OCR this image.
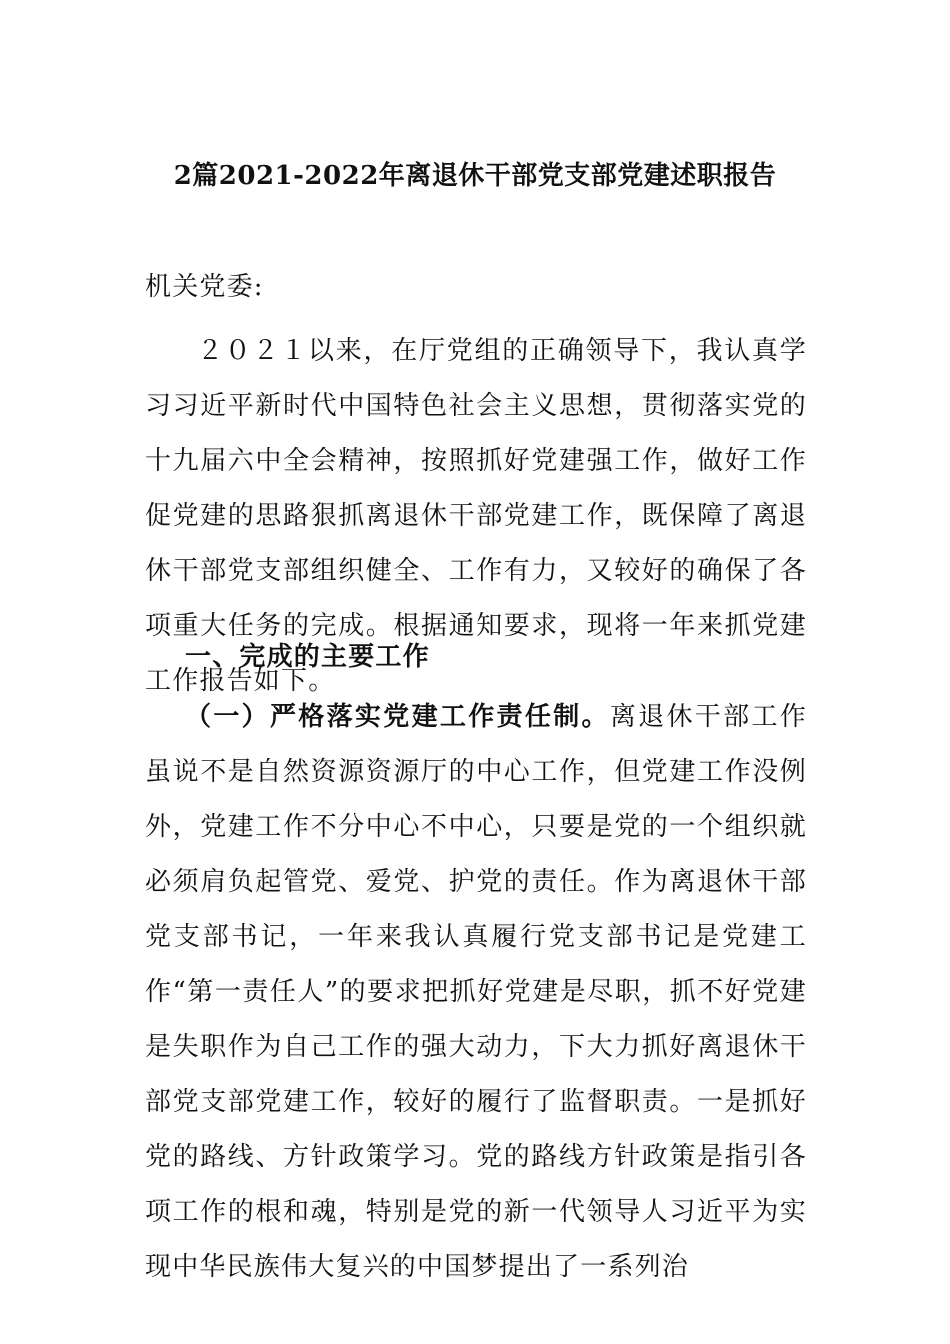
2篇2021-2022年离退休干部党支部党建述职报告
机关党委:
２０２１以来，在厅党组的正确领导下，我认真学习习近平新时代中国特色社会主义思想，贯彻落实党的十九届六中全会精神，按照抓好党建强工作，做好工作促党建的思路狠抓离退休干部党建工作，既保障了离退休干部党支部组织健全、工作有力，又较好的确保了各项重大任务的完成。根据通知要求，现将一年来抓党建工作报告如下。
一、完成的主要工作
（一）严格落实党建工作责任制。离退休干部工作虽说不是自然资源资源厅的中心工作，但党建工作没例外，党建工作不分中心不中心，只要是党的一个组织就必须肩负起管党、爱党、护党的责任。作为离退休干部党支部书记，一年来我认真履行党支部书记是党建工作“第一责任人”的要求把抓好党建是尽职，抓不好党建是失职作为自己工作的强大动力，下大力抓好离退休干部党支部党建工作，较好的履行了监督职责。一是抓好党的路线、方针政策学习。党的路线方针政策是指引各项工作的根和魂，特别是党的新一代领导人习近平为实现中华民族伟大复兴的中国梦提出了一系列治
